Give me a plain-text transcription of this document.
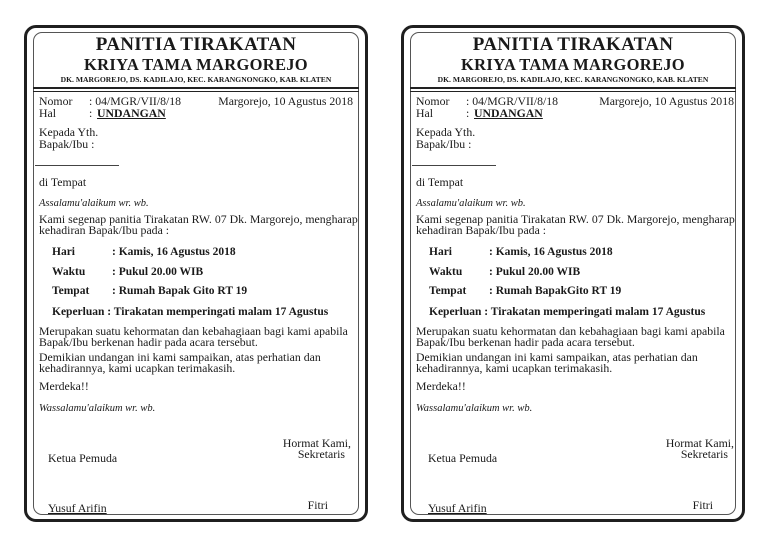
PANITIA TIRAKATAN
KRIYA TAMA MARGOREJO
DK. MARGOREJO, DS. KADILAJO, KEC. KARANGNONGKO, KAB. KLATEN
Nomor : 04/MGR/VII/8/18	Margorejo, 10 Agustus 2018
Hal	: UNDANGAN
Kepada Yth.
Bapak/Ibu :
di Tempat
Assalamu'alaikum wr. wb.
Kami segenap panitia Tirakatan RW. 07 Dk. Margorejo, mengharap
kehadiran Bapak/Ibu pada :
Hari	: Kamis, 16 Agustus 2018
Waktu : Pukul 20.00 WIB
Tempat : Rumah Bapak Gito RT 19
Keperluan : Tirakatan memperingati malam 17 Agustus
Merupakan suatu kehormatan dan kebahagiaan bagi kami apabila
Bapak/Ibu berkenan hadir pada acara tersebut.
Demikian undangan ini kami sampaikan, atas perhatian dan
kehadirannya, kami ucapkan terimakasih.
Merdeka!!
Wassalamu'alaikum wr. wb.
Hormat Kami,
Sekretaris
Ketua Pemuda
Yusuf Arifin	Fitri
PANITIA TIRAKATAN
KRIYA TAMA MARGOREJO
DK. MARGOREJO, DS. KADILAJO, KEC. KARANGNONGKO, KAB. KLATEN
Nomor : 04/MGR/VII/8/18	Margorejo, 10 Agustus 2018
Hal	: UNDANGAN
Kepada Yth.
Bapak/Ibu :
di Tempat
Assalamu'alaikum wr. wb.
Kami segenap panitia Tirakatan RW. 07 Dk. Margorejo, mengharap
kehadiran Bapak/Ibu pada :
Hari	: Kamis, 16 Agustus 2018
Waktu : Pukul 20.00 WIB
Tempat : Rumah BapakGito RT 19
Keperluan : Tirakatan memperingati malam 17 Agustus
Merupakan suatu kehormatan dan kebahagiaan bagi kami apabila
Bapak/Ibu berkenan hadir pada acara tersebut.
Demikian undangan ini kami sampaikan, atas perhatian dan
kehadirannya, kami ucapkan terimakasih.
Merdeka!!
Wassalamu'alaikum wr. wb.
Hormat Kami,
Sekretaris
Ketua Pemuda
Yusuf Arifin	Fitri
